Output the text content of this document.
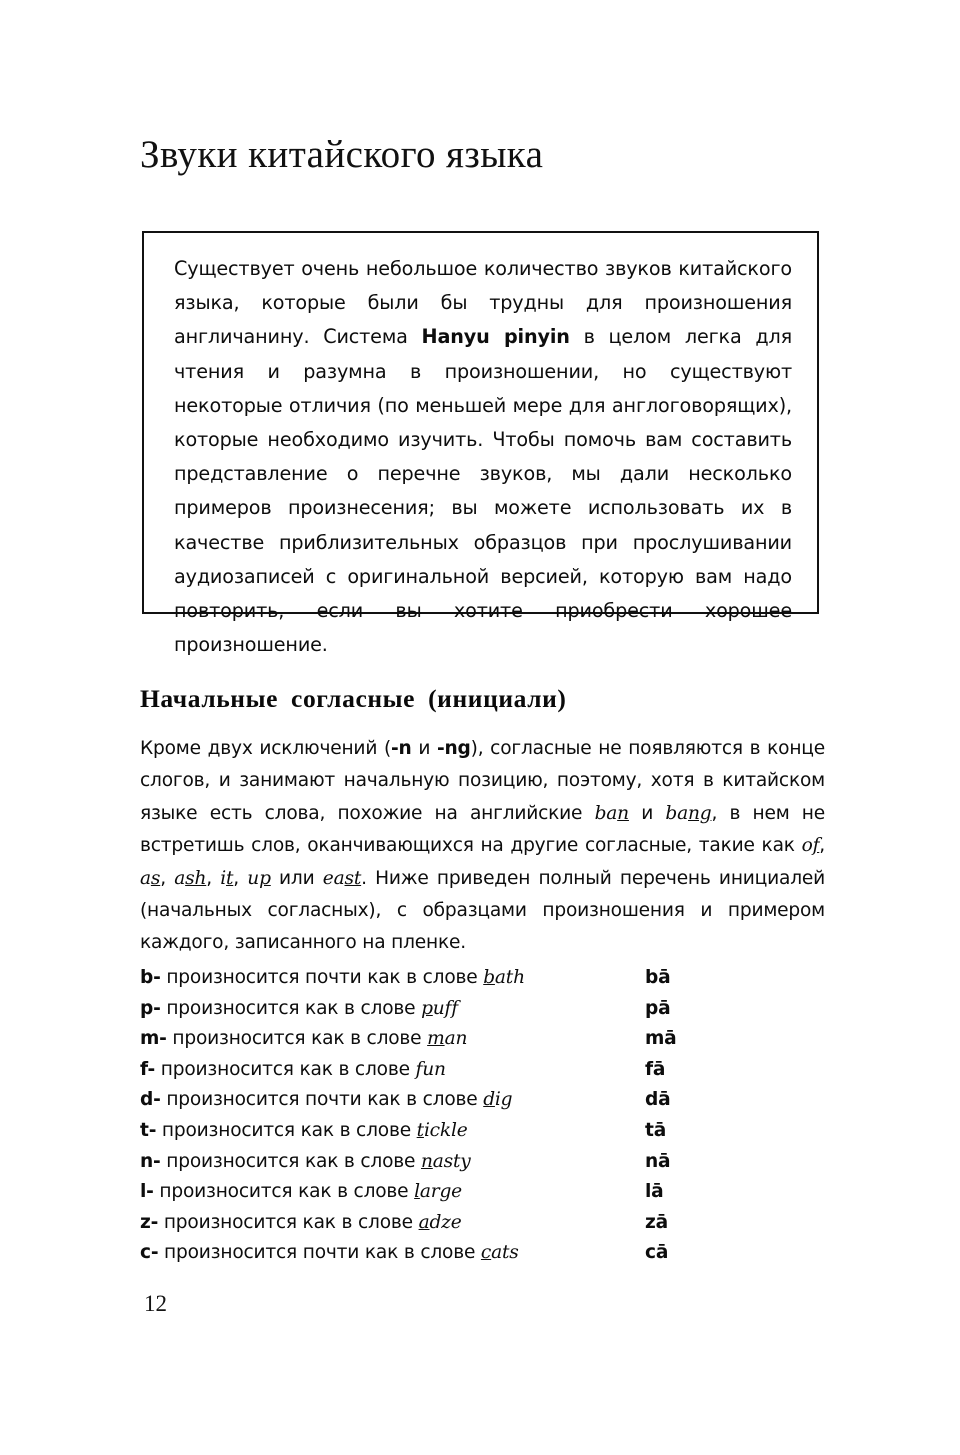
Звуки китайского языка
Существует очень небольшое количество звуков китайского языка, которые были бы трудны для произношения англичанину. Система Hanyu pinyin в целом легка для чтения и разумна в произношении, но существуют некоторые отличия (по меньшей мере для англоговорящих), которые необходимо изучить. Чтобы помочь вам составить представление о перечне звуков, мы дали несколько примеров произнесения; вы можете использовать их в качестве приблизительных образцов при прослушивании аудиозаписей с оригинальной версией, которую вам надо повторить, если вы хотите приобрести хорошее произношение.
Начальные согласные (инициали)
Кроме двух исключений (-n и -ng), согласные не появляются в конце слогов, и занимают начальную позицию, поэтому, хотя в китайском языке есть слова, похожие на английские ban и bang, в нем не встретишь слов, оканчивающихся на другие согласные, такие как of, as, ash, it, up или east. Ниже приведен полный перечень инициалей (начальных согласных), с образцами произношения и примером каждого, записанного на пленке.
b- произносится почти как в слове bath	bā
p- произносится как в слове puff	pā
m- произносится как в слове man	mā
f- произносится как в слове fun	fā
d- произносится почти как в слове dig	dā
t- произносится как в слове tickle	tā
n- произносится как в слове nasty	nā
l- произносится как в слове large	lā
z- произносится как в слове adze	zā
c- произносится почти как в слове cats	cā
12
